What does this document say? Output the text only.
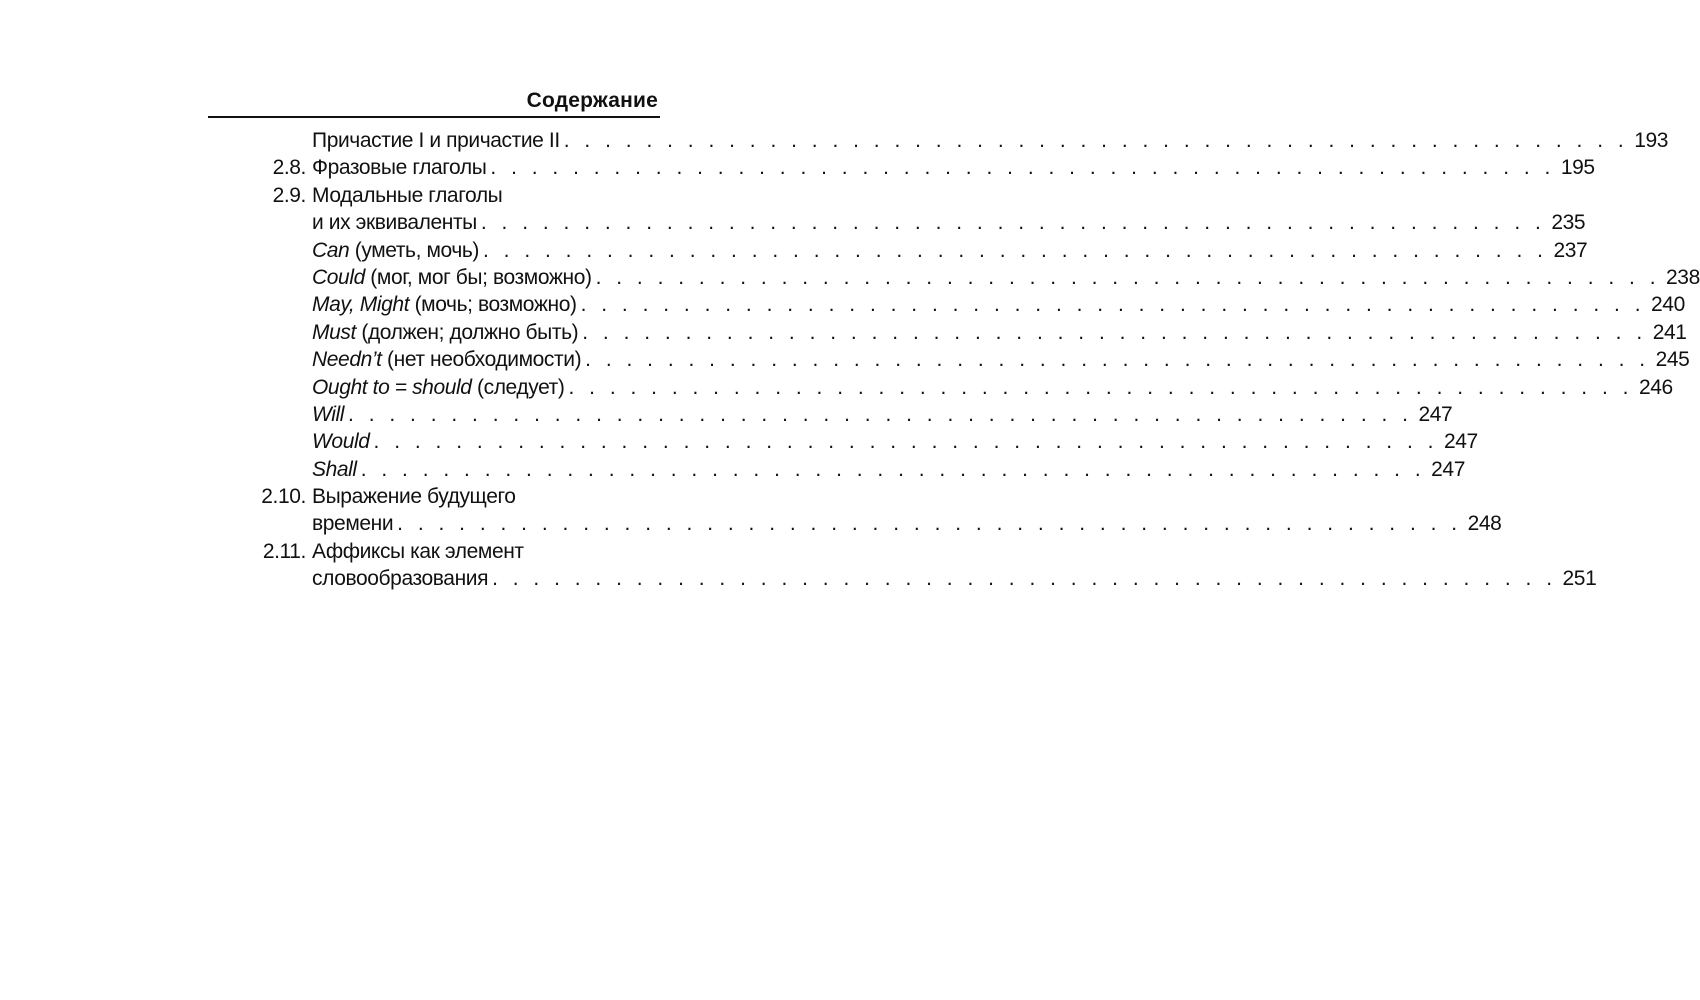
Содержание
Причастие I и причастие II . . . . . . . . . . . . . . . . . . . . . . . . . . . . . . . . . . . . . . . . . . . . . . . . . . . . 193
2.8. Фразовые глаголы . . . . . . . . . . . . . . . . . . . . . . . . . . . . . . . . . . . . . . . . . . . . . . . . . . . . 195
2.9. Модальные глаголы
и их эквиваленты . . . . . . . . . . . . . . . . . . . . . . . . . . . . . . . . . . . . . . . . . . . . . . . . . . . . 235
Can (уметь, мочь) . . . . . . . . . . . . . . . . . . . . . . . . . . . . . . . . . . . . . . . . . . . . . . . . . . . . 237
Could (мог, мог бы; возможно) . . . . . . . . . . . . . . . . . . . . . . . . . . . . . . . . . . . . . . . . . . . . . . . . . . . . 238
May, Might (мочь; возможно) . . . . . . . . . . . . . . . . . . . . . . . . . . . . . . . . . . . . . . . . . . . . . . . . . . . . 240
Must (должен; должно быть) . . . . . . . . . . . . . . . . . . . . . . . . . . . . . . . . . . . . . . . . . . . . . . . . . . . . 241
Needn’t (нет необходимости) . . . . . . . . . . . . . . . . . . . . . . . . . . . . . . . . . . . . . . . . . . . . . . . . . . . . 245
Ought to = should (следует) . . . . . . . . . . . . . . . . . . . . . . . . . . . . . . . . . . . . . . . . . . . . . . . . . . . . 246
Will . . . . . . . . . . . . . . . . . . . . . . . . . . . . . . . . . . . . . . . . . . . . . . . . . . . . 247
Would . . . . . . . . . . . . . . . . . . . . . . . . . . . . . . . . . . . . . . . . . . . . . . . . . . . . 247
Shall . . . . . . . . . . . . . . . . . . . . . . . . . . . . . . . . . . . . . . . . . . . . . . . . . . . . 247
2.10. Выражение будущего
времени . . . . . . . . . . . . . . . . . . . . . . . . . . . . . . . . . . . . . . . . . . . . . . . . . . . . 248
2.11. Аффиксы как элемент
словообразования . . . . . . . . . . . . . . . . . . . . . . . . . . . . . . . . . . . . . . . . . . . . . . . . . . . . 251
